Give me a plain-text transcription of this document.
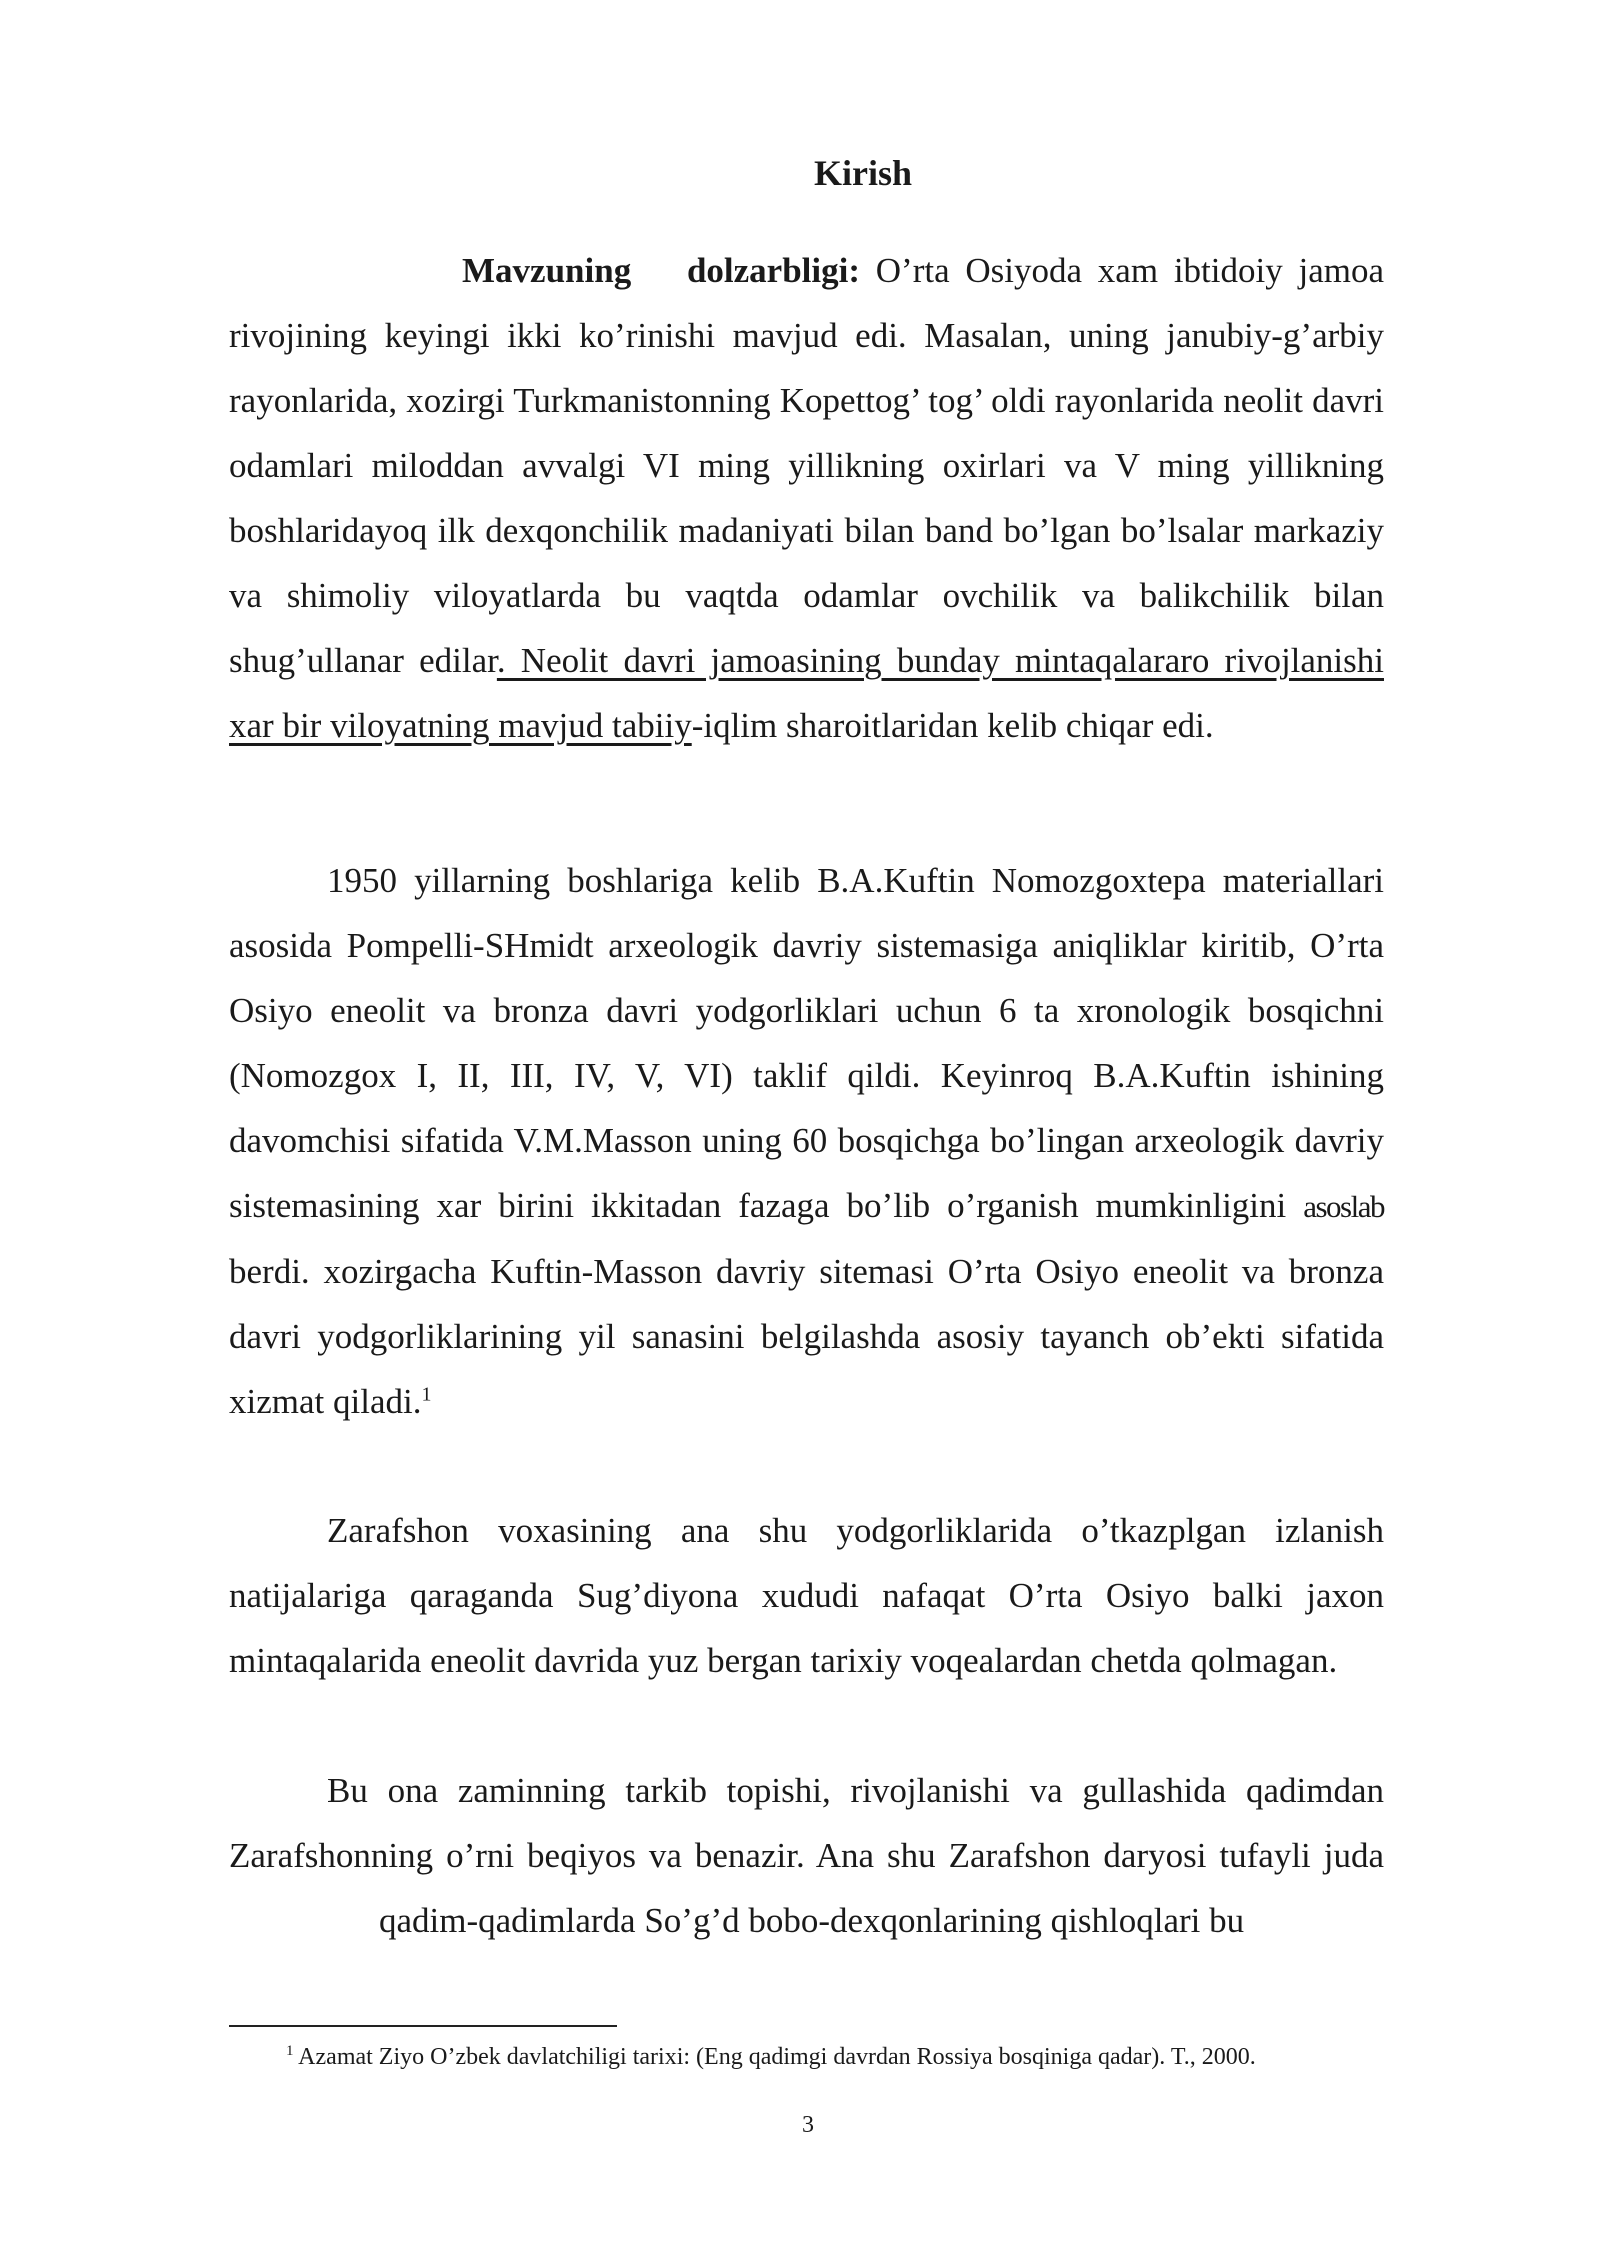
Kirish

Mavzuning dolzarbligi: O’rta Osiyoda xam ibtidoiy jamoa rivojining keyingi ikki ko’rinishi mavjud edi. Masalan, uning janubiy-g’arbiy rayonlarida, xozirgi Turkmanistonning Kopettog’ tog’ oldi rayonlarida neolit davri odamlari miloddan avvalgi VI ming yillikning oxirlari va V ming yillikning boshlaridayoq ilk dexqonchilik madaniyati bilan band bo’lgan bo’lsalar markaziy va shimoliy viloyatlarda bu vaqtda odamlar ovchilik va balikchilik bilan shug’ullanar edilar. Neolit davri jamoasining bunday mintaqalararo rivojlanishi xar bir viloyatning mavjud tabiiy-iqlim sharoitlaridan kelib chiqar edi.

1950 yillarning boshlariga kelib B.A.Kuftin Nomozgoxtepa materiallari asosida Pompelli-SHmidt arxeologik davriy sistemasiga aniqliklar kiritib, O’rta Osiyo eneolit va bronza davri yodgorliklari uchun 6 ta xronologik bosqichni (Nomozgox I, II, III, IV, V, VI) taklif qildi. Keyinroq B.A.Kuftin ishining davomchisi sifatida V.M.Masson uning 60 bosqichga bo’lingan arxeologik davriy sistemasining xar birini ikkitadan fazaga bo’lib o’rganish mumkinligini asoslab berdi. xozirgacha Kuftin-Masson davriy sitemasi O’rta Osiyo eneolit va bronza davri yodgorliklarining yil sanasini belgilashda asosiy tayanch ob’ekti sifatida xizmat qiladi.$^1$

Zarafshon voxasining ana shu yodgorliklarida o’tkazplgan izlanish natijalariga qaraganda Sug’diyona xududi nafaqat O’rta Osiyo balki jaxon mintaqalarida eneolit davrida yuz bergan tarixiy voqealardan chetda qolmagan.

Bu ona zaminning tarkib topishi, rivojlanishi va gullashida qadimdan Zarafshonning o’rni beqiyos va benazir. Ana shu Zarafshon daryosi tufayli judaqadim-qadimlarda So’g’d bobo-dexqonlarining qishloqlari bu

$^1$ Azamat Ziyo O’zbek davlatchiligi tarixi: (Eng qadimgi davrdan Rossiya bosqiniga qadar). T., 2000.
3
